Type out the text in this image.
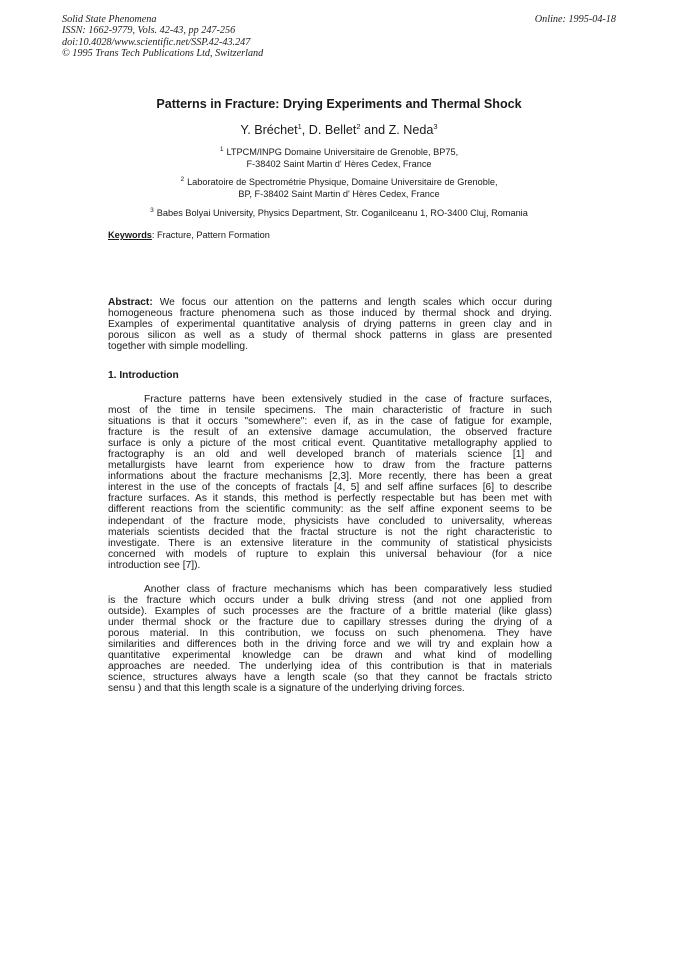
Solid State Phenomena
ISSN: 1662-9779, Vols. 42-43, pp 247-256
doi:10.4028/www.scientific.net/SSP.42-43.247
© 1995 Trans Tech Publications Ltd, Switzerland
Online: 1995-04-18
Patterns in Fracture: Drying Experiments and Thermal Shock
Y. Bréchet$^1$, D. Bellet$^2$ and Z. Neda$^3$
$^1$ LTPCM/INPG Domaine Universitaire de Grenoble, BP75,
F-38402 Saint Martin d' Hères Cedex, France
$^2$ Laboratoire de Spectrométrie Physique, Domaine Universitaire de Grenoble,
BP, F-38402 Saint Martin d' Hères Cedex, France
$^3$ Babes Bolyai University, Physics Department, Str. Coganilceanu 1, RO-3400 Cluj, Romania
Keywords: Fracture, Pattern Formation
Abstract: We focus our attention on the patterns and length scales which occur during
homogeneous fracture phenomena such as those induced by thermal shock and drying.
Examples of experimental quantitative analysis of drying patterns in green clay and in
porous silicon as well as a study of thermal shock patterns in glass are presented
together with simple modelling.
1. Introduction
Fracture patterns have been extensively studied in the case of fracture surfaces,
most of the time in tensile specimens. The main characteristic of fracture in such
situations is that it occurs "somewhere": even if, as in the case of fatigue for example,
fracture is the result of an extensive damage accumulation, the observed fracture
surface is only a picture of the most critical event. Quantitative metallography applied to
fractography is an old and well developed branch of materials science [1] and
metallurgists have learnt from experience how to draw from the fracture patterns
informations about the fracture mechanisms [2,3]. More recently, there has been a great
interest in the use of the concepts of fractals [4, 5] and self affine surfaces [6] to describe
fracture surfaces. As it stands, this method is perfectly respectable but has been met with
different reactions from the scientific community: as the self affine exponent seems to be
independant of the fracture mode, physicists have concluded to universality, whereas
materials scientists decided that the fractal structure is not the right characteristic to
investigate. There is an extensive literature in the community of statistical physicists
concerned with models of rupture to explain this universal behaviour (for a nice
introduction see [7]).
Another class of fracture mechanisms which has been comparatively less studied
is the fracture which occurs under a bulk driving stress (and not one applied from
outside). Examples of such processes are the fracture of a brittle material (like glass)
under thermal shock or the fracture due to capillary stresses during the drying of a
porous material. In this contribution, we focuss on such phenomena. They have
similarities and differences both in the driving force and we will try and explain how a
quantitative experimental knowledge can be drawn and what kind of modelling
approaches are needed. The underlying idea of this contribution is that in materials
science, structures always have a length scale (so that they cannot be fractals stricto
sensu ) and that this length scale is a signature of the underlying driving forces.
